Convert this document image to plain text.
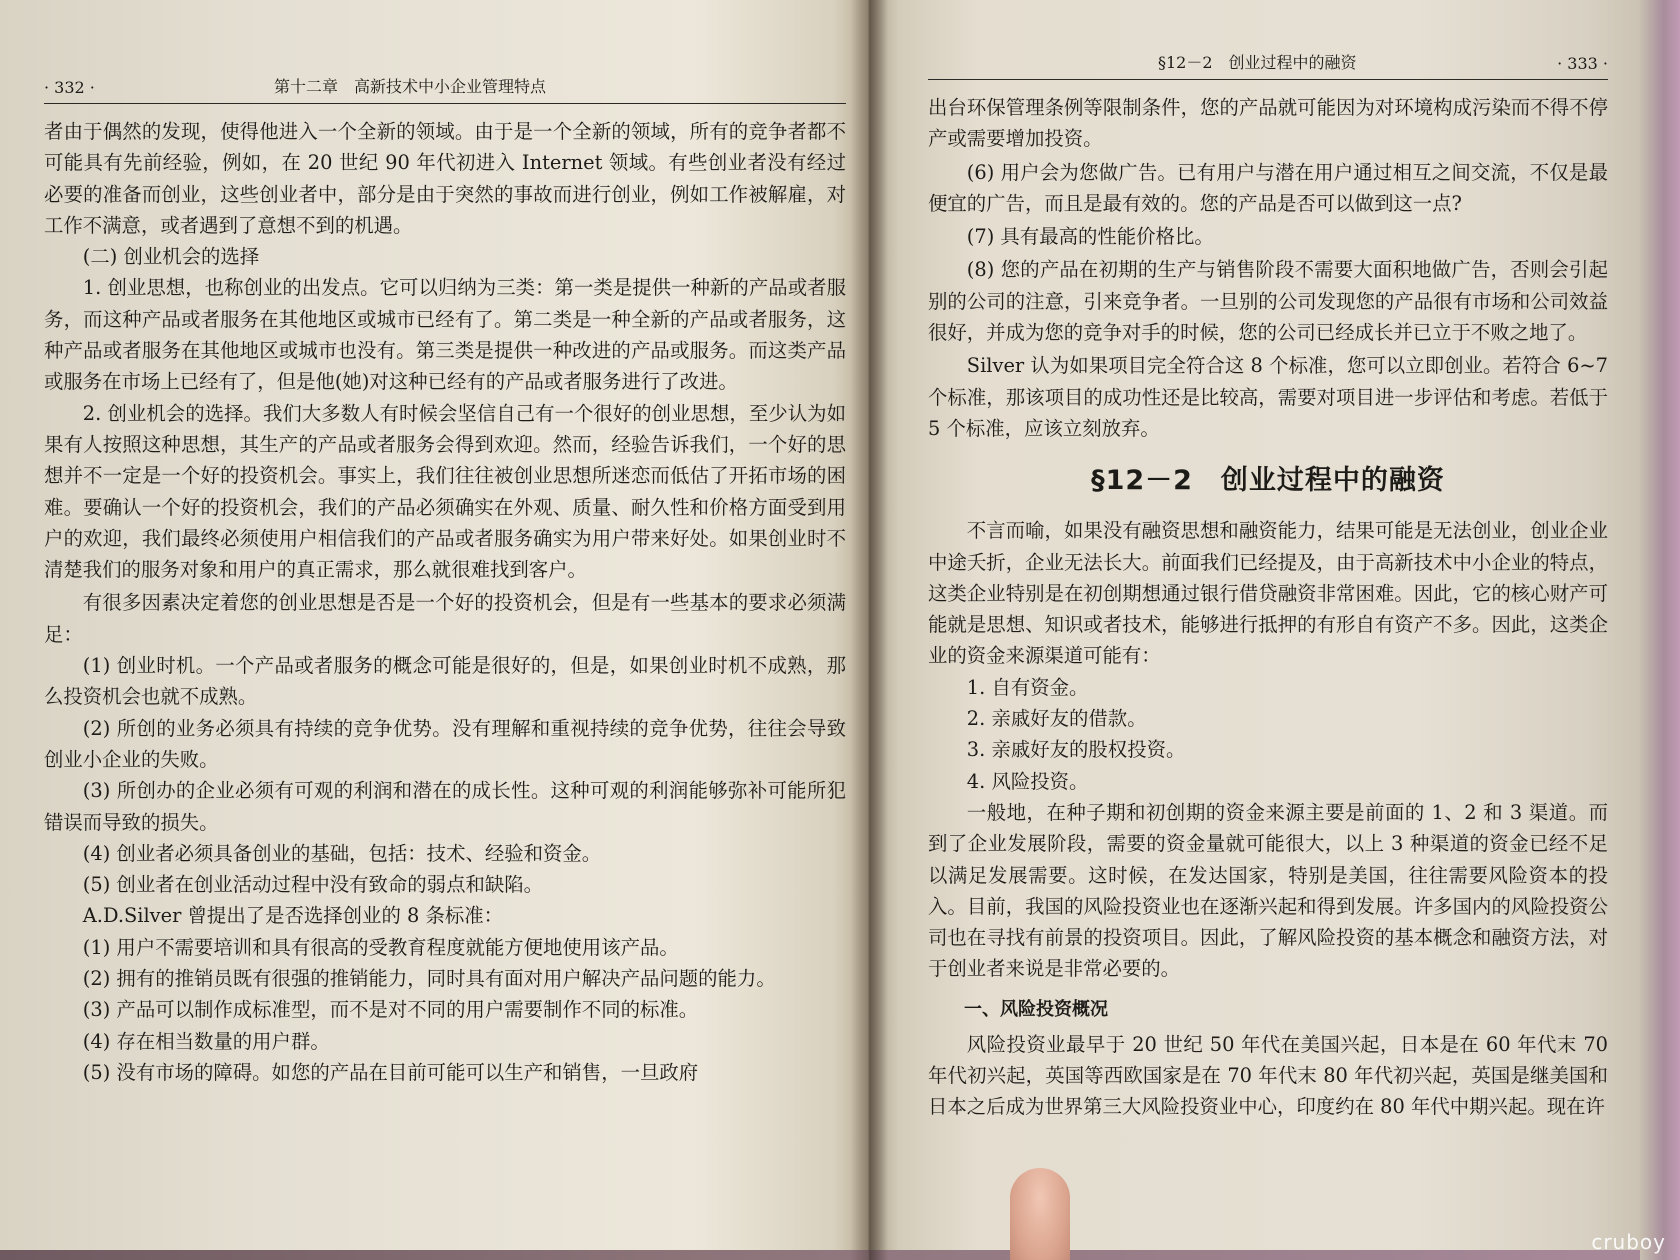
· 332 ·	第十二章　高新技术中小企业管理特点

者由于偶然的发现，使得他进入一个全新的领域。由于是一个全新的领域，所有的竞争者都不可能具有先前经验，例如，在 20 世纪 90 年代初进入 Internet 领域。有些创业者没有经过必要的准备而创业，这些创业者中，部分是由于突然的事故而进行创业，例如工作被解雇，对工作不满意，或者遇到了意想不到的机遇。

(二) 创业机会的选择

1. 创业思想，也称创业的出发点。它可以归纳为三类：第一类是提供一种新的产品或者服务，而这种产品或者服务在其他地区或城市已经有了。第二类是一种全新的产品或者服务，这种产品或者服务在其他地区或城市也没有。第三类是提供一种改进的产品或服务。而这类产品或服务在市场上已经有了，但是他(她)对这种已经有的产品或者服务进行了改进。

2. 创业机会的选择。我们大多数人有时候会坚信自己有一个很好的创业思想，至少认为如果有人按照这种思想，其生产的产品或者服务会得到欢迎。然而，经验告诉我们，一个好的思想并不一定是一个好的投资机会。事实上，我们往往被创业思想所迷恋而低估了开拓市场的困难。要确认一个好的投资机会，我们的产品必须确实在外观、质量、耐久性和价格方面受到用户的欢迎，我们最终必须使用户相信我们的产品或者服务确实为用户带来好处。如果创业时不清楚我们的服务对象和用户的真正需求，那么就很难找到客户。

有很多因素决定着您的创业思想是否是一个好的投资机会，但是有一些基本的要求必须满足：

(1) 创业时机。一个产品或者服务的概念可能是很好的，但是，如果创业时机不成熟，那么投资机会也就不成熟。

(2) 所创的业务必须具有持续的竞争优势。没有理解和重视持续的竞争优势，往往会导致创业小企业的失败。

(3) 所创办的企业必须有可观的利润和潜在的成长性。这种可观的利润能够弥补可能所犯错误而导致的损失。

(4) 创业者必须具备创业的基础，包括：技术、经验和资金。

(5) 创业者在创业活动过程中没有致命的弱点和缺陷。

A.D.Silver 曾提出了是否选择创业的 8 条标准：

(1) 用户不需要培训和具有很高的受教育程度就能方便地使用该产品。

(2) 拥有的推销员既有很强的推销能力，同时具有面对用户解决产品问题的能力。

(3) 产品可以制作成标准型，而不是对不同的用户需要制作不同的标准。

(4) 存在相当数量的用户群。

(5) 没有市场的障碍。如您的产品在目前可能可以生产和销售，一旦政府

§12－2　创业过程中的融资	· 333 ·

出台环保管理条例等限制条件，您的产品就可能因为对环境构成污染而不得不停产或需要增加投资。

(6) 用户会为您做广告。已有用户与潜在用户通过相互之间交流，不仅是最便宜的广告，而且是最有效的。您的产品是否可以做到这一点?

(7) 具有最高的性能价格比。

(8) 您的产品在初期的生产与销售阶段不需要大面积地做广告，否则会引起别的公司的注意，引来竞争者。一旦别的公司发现您的产品很有市场和公司效益很好，并成为您的竞争对手的时候，您的公司已经成长并已立于不败之地了。

Silver 认为如果项目完全符合这 8 个标准，您可以立即创业。若符合 6~7 个标准，那该项目的成功性还是比较高，需要对项目进一步评估和考虑。若低于 5 个标准，应该立刻放弃。

§12－2　创业过程中的融资

不言而喻，如果没有融资思想和融资能力，结果可能是无法创业，创业企业中途夭折，企业无法长大。前面我们已经提及，由于高新技术中小企业的特点，这类企业特别是在初创期想通过银行借贷融资非常困难。因此，它的核心财产可能就是思想、知识或者技术，能够进行抵押的有形自有资产不多。因此，这类企业的资金来源渠道可能有：

1. 自有资金。

2. 亲戚好友的借款。

3. 亲戚好友的股权投资。

4. 风险投资。

一般地，在种子期和初创期的资金来源主要是前面的 1、2 和 3 渠道。而到了企业发展阶段，需要的资金量就可能很大，以上 3 种渠道的资金已经不足以满足发展需要。这时候，在发达国家，特别是美国，往往需要风险资本的投入。目前，我国的风险投资业也在逐渐兴起和得到发展。许多国内的风险投资公司也在寻找有前景的投资项目。因此，了解风险投资的基本概念和融资方法，对于创业者来说是非常必要的。

一、风险投资概况

风险投资业最早于 20 世纪 50 年代在美国兴起，日本是在 60 年代末 70 年代初兴起，英国等西欧国家是在 70 年代末 80 年代初兴起，英国是继美国和日本之后成为世界第三大风险投资业中心，印度约在 80 年代中期兴起。现在许

cruboy
